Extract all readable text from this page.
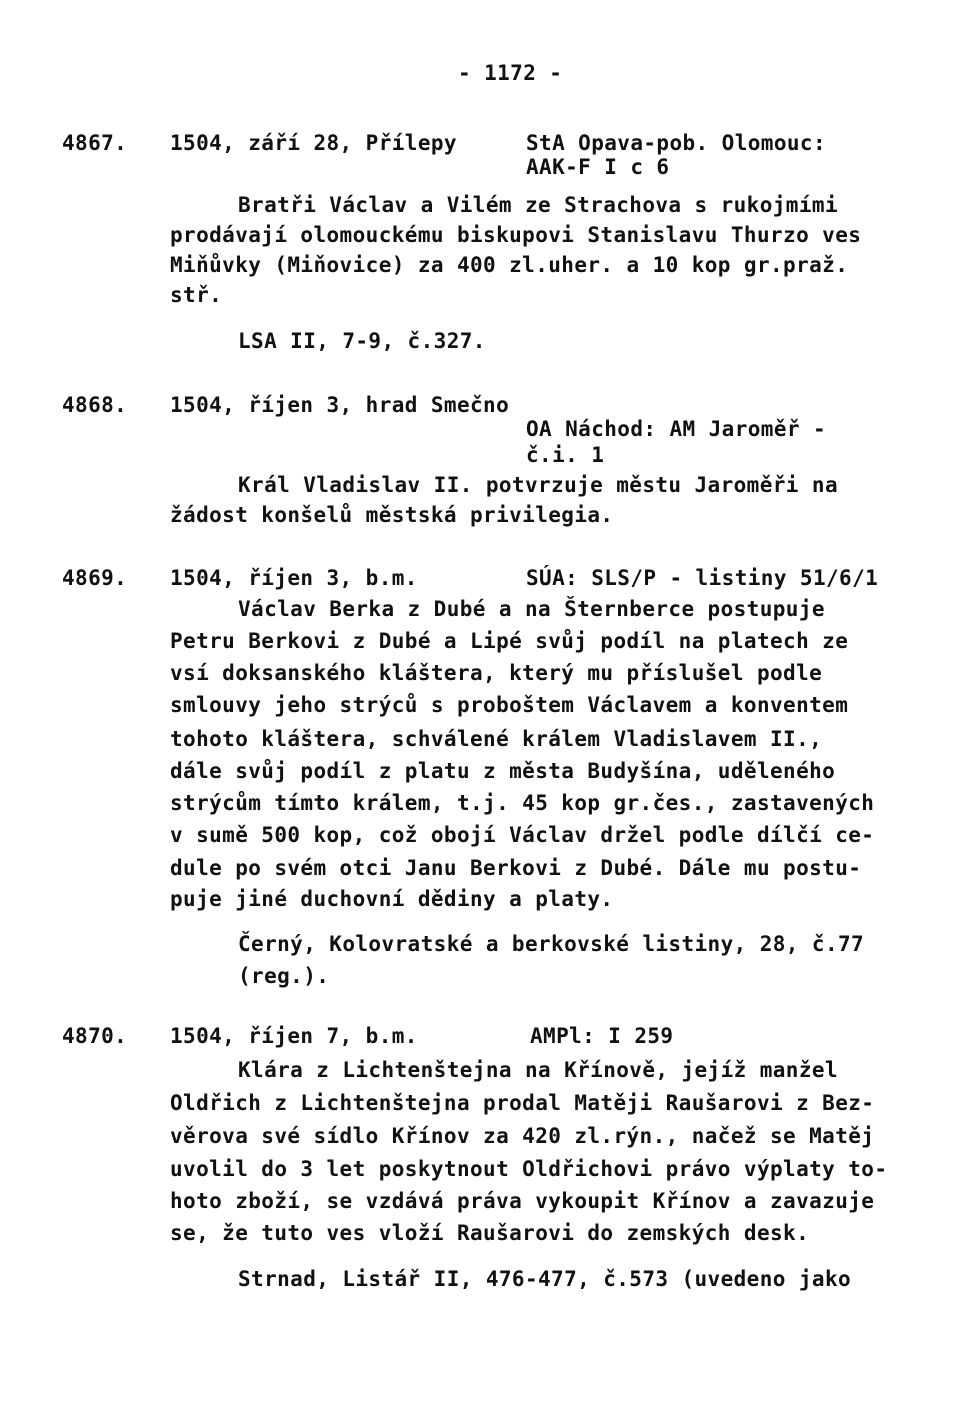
- 1172 -
4867. 1504, září 28, Přílepy	StA Opava-pob. Olomouc:
AAK-F I c 6
Bratři Václav a Vilém ze Strachova s rukojmími
prodávají olomouckému biskupovi Stanislavu Thurzo ves
Miňůvky (Miňovice) za 400 zl.uher. a 10 kop gr.praž.
stř.
LSA II, 7-9, č.327.
4868. 1504, říjen 3, hrad Smečno
OA Náchod: AM Jaroměř -
č.i. 1
Král Vladislav II. potvrzuje městu Jaroměři na
žádost konšelů městská privilegia.
4869. 1504, říjen 3, b.m.	SÚA: SLS/P - listiny 51/6/1
Václav Berka z Dubé a na Šternberce postupuje
Petru Berkovi z Dubé a Lipé svůj podíl na platech ze
vsí doksanského kláštera, který mu příslušel podle
smlouvy jeho strýců s proboštem Václavem a konventem
tohoto kláštera, schválené králem Vladislavem II.,
dále svůj podíl z platu z města Budyšína, uděleného
strýcům tímto králem, t.j. 45 kop gr.čes., zastavených
v sumě 500 kop, což obojí Václav držel podle dílčí ce-
dule po svém otci Janu Berkovi z Dubé. Dále mu postu-
puje jiné duchovní dědiny a platy.
Černý, Kolovratské a berkovské listiny, 28, č.77
(reg.).
4870. 1504, říjen 7, b.m.	AMPl: I 259
Klára z Lichtenštejna na Křínově, jejíž manžel
Oldřich z Lichtenštejna prodal Matěji Raušarovi z Bez-
věrova své sídlo Křínov za 420 zl.rýn., načež se Matěj
uvolil do 3 let poskytnout Oldřichovi právo výplaty to-
hoto zboží, se vzdává práva vykoupit Křínov a zavazuje
se, že tuto ves vloží Raušarovi do zemských desk.
Strnad, Listář II, 476-477, č.573 (uvedeno jako
